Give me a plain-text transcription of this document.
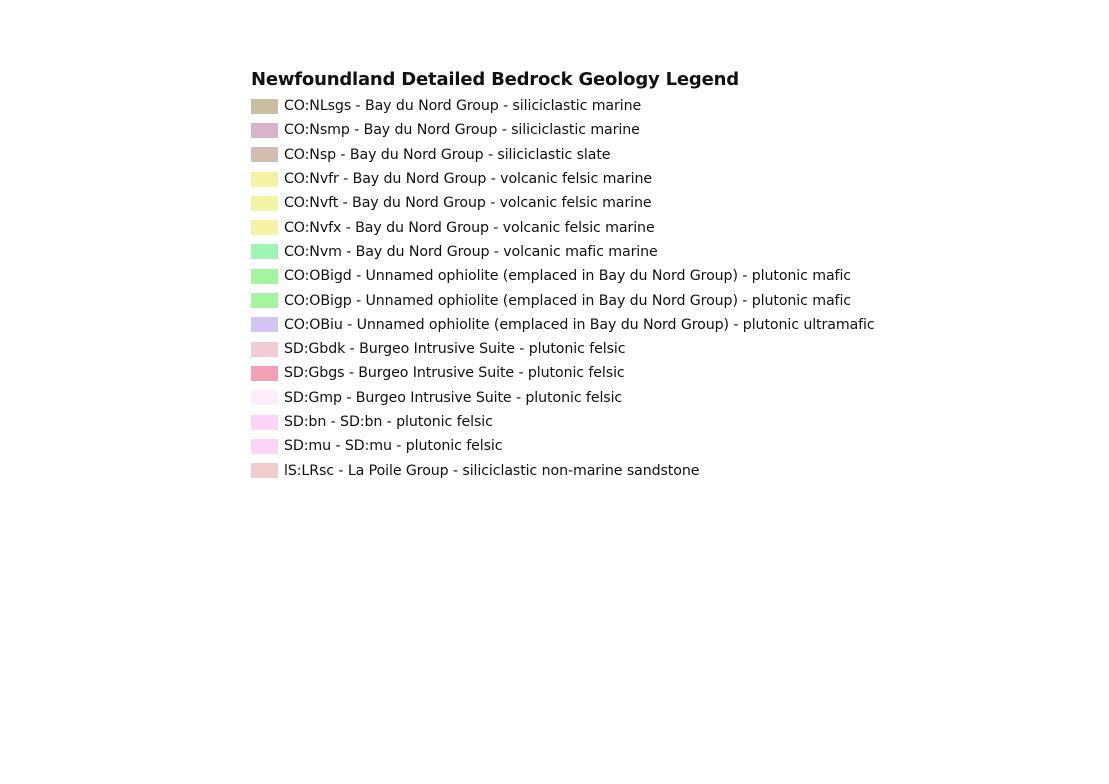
Newfoundland Detailed Bedrock Geology Legend
CO:NLsgs - Bay du Nord Group - siliciclastic marine
CO:Nsmp - Bay du Nord Group - siliciclastic marine
CO:Nsp - Bay du Nord Group - siliciclastic slate
CO:Nvfr - Bay du Nord Group - volcanic felsic marine
CO:Nvft - Bay du Nord Group - volcanic felsic marine
CO:Nvfx - Bay du Nord Group - volcanic felsic marine
CO:Nvm - Bay du Nord Group - volcanic mafic marine
CO:OBigd - Unnamed ophiolite (emplaced in Bay du Nord Group) - plutonic mafic
CO:OBigp - Unnamed ophiolite (emplaced in Bay du Nord Group) - plutonic mafic
CO:OBiu - Unnamed ophiolite (emplaced in Bay du Nord Group) - plutonic ultramafic
SD:Gbdk - Burgeo Intrusive Suite - plutonic felsic
SD:Gbgs - Burgeo Intrusive Suite - plutonic felsic
SD:Gmp - Burgeo Intrusive Suite - plutonic felsic
SD:bn - SD:bn - plutonic felsic
SD:mu - SD:mu - plutonic felsic
lS:LRsc - La Poile Group - siliciclastic non-marine sandstone
